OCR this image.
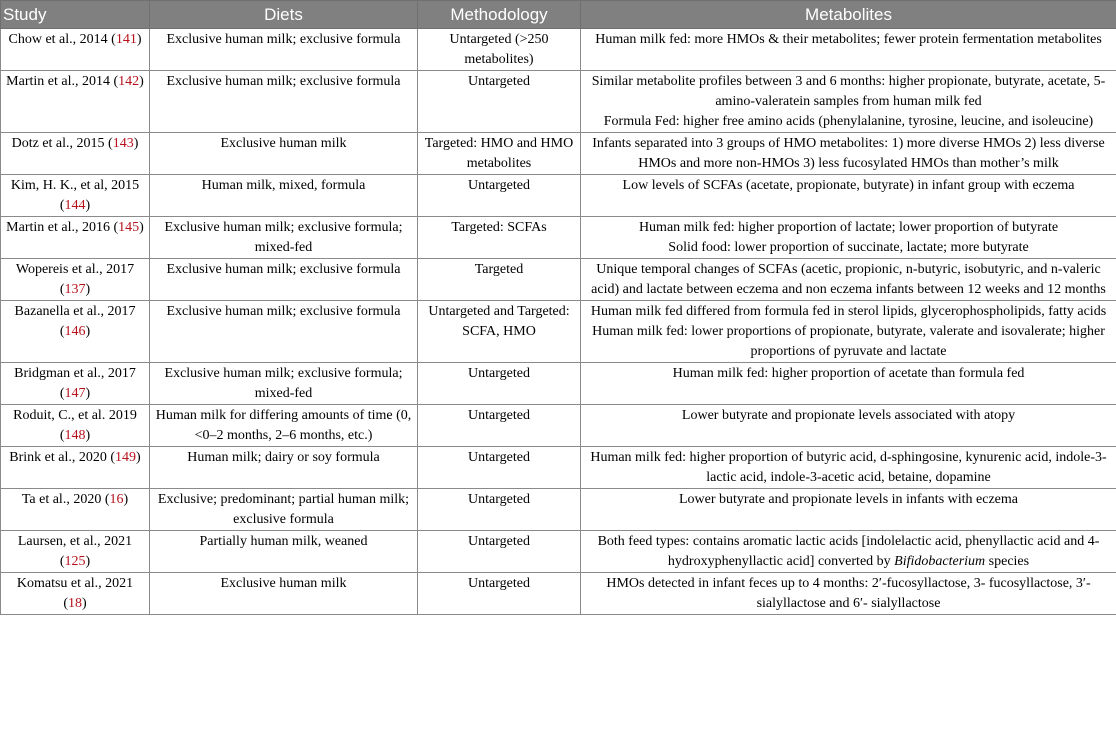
Study	Diets	Methodology	Metabolites
Chow et al., 2014 (141)	Exclusive human milk; exclusive formula	Untargeted (>250 metabolites)	Human milk fed: more HMOs & their metabolites; fewer protein fermentation metabolites

Martin et al., 2014 (142)	Exclusive human milk; exclusive formula	Untargeted	Similar metabolite profiles between 3 and 6 months: higher propionate, butyrate, acetate, 5-amino-valeratein samples from human milk fed
Formula Fed: higher free amino acids (phenylalanine, tyrosine, leucine, and isoleucine)

Dotz et al., 2015 (143)	Exclusive human milk	Targeted: HMO and HMO metabolites	Infants separated into 3 groups of HMO metabolites: 1) more diverse HMOs 2) less diverse HMOs and more non-HMOs 3) less fucosylated HMOs than mother’s milk

Kim, H. K., et al, 2015 (144)	Human milk, mixed, formula	Untargeted	Low levels of SCFAs (acetate, propionate, butyrate) in infant group with eczema

Martin et al., 2016 (145)	Exclusive human milk; exclusive formula; mixed-fed	Targeted: SCFAs	Human milk fed: higher proportion of lactate; lower proportion of butyrate
Solid food: lower proportion of succinate, lactate; more butyrate

Wopereis et al., 2017 (137)	Exclusive human milk; exclusive formula	Targeted	Unique temporal changes of SCFAs (acetic, propionic, n-butyric, isobutyric, and n-valeric acid) and lactate between eczema and non eczema infants between 12 weeks and 12 months

Bazanella et al., 2017 (146)	Exclusive human milk; exclusive formula	Untargeted and Targeted: SCFA, HMO	Human milk fed differed from formula fed in sterol lipids, glycerophospholipids, fatty acids
Human milk fed: lower proportions of propionate, butyrate, valerate and isovalerate; higher proportions of pyruvate and lactate

Bridgman et al., 2017 (147)	Exclusive human milk; exclusive formula; mixed-fed	Untargeted	Human milk fed: higher proportion of acetate than formula fed

Roduit, C., et al. 2019 (148)	Human milk for differing amounts of time (0, <0–2 months, 2–6 months, etc.)	Untargeted	Lower butyrate and propionate levels associated with atopy

Brink et al., 2020 (149)	Human milk; dairy or soy formula	Untargeted	Human milk fed: higher proportion of butyric acid, d-sphingosine, kynurenic acid, indole-3-lactic acid, indole-3-acetic acid, betaine, dopamine

Ta et al., 2020 (16)	Exclusive; predominant; partial human milk; exclusive formula	Untargeted	Lower butyrate and propionate levels in infants with eczema

Laursen, et al., 2021 (125)	Partially human milk, weaned	Untargeted	Both feed types: contains aromatic lactic acids [indolelactic acid, phenyllactic acid and 4-hydroxyphenyllactic acid] converted by Bifidobacterium species
Komatsu et al., 2021 (18)	Exclusive human milk	Untargeted	HMOs detected in infant feces up to 4 months: 2′-fucosyllactose, 3- fucosyllactose, 3′-sialyllactose and 6′- sialyllactose
